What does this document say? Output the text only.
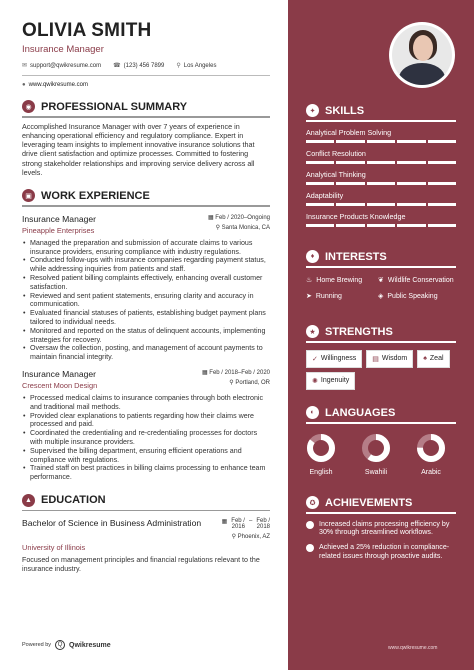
OLIVIA SMITH
Insurance Manager
✉ support@qwikresume.com ☎ (123) 456 7899 ⚲ Los Angeles
● www.qwikresume.com
◉ PROFESSIONAL SUMMARY

Accomplished Insurance Manager with over 7 years of experience in enhancing operational efficiency and regulatory compliance. Expert in leveraging team insights to implement innovative insurance solutions that drive client satisfaction and optimize processes. Committed to fostering strong stakeholder relationships and improving service delivery across all levels.

▣ WORK EXPERIENCE
Insurance Manager
Pineapple Enterprises
▦ Feb / 2020–Ongoing
⚲ Santa Monica, CA
• Managed the preparation and submission of accurate claims to various insurance providers, ensuring compliance with industry regulations.
• Conducted follow-ups with insurance companies regarding payment status, while addressing inquiries from patients and staff.
• Resolved patient billing complaints effectively, enhancing overall customer satisfaction.
• Reviewed and sent patient statements, ensuring clarity and accuracy in communication.
• Evaluated financial statuses of patients, establishing budget payment plans tailored to individual needs.
• Monitored and reported on the status of delinquent accounts, implementing strategies for recovery.
• Oversaw the collection, posting, and management of account payments to maintain financial integrity.
Insurance Manager
Crescent Moon Design
▦ Feb / 2018–Feb / 2020
⚲ Portland, OR
• Processed medical claims to insurance companies through both electronic and traditional mail methods.
• Provided clear explanations to patients regarding how their claims were processed and paid.
• Coordinated the credentialing and re-credentialing processes for doctors with multiple insurance providers.
• Supervised the billing department, ensuring efficient operations and compliance with regulations.
• Trained staff on best practices in billing claims processing to enhance team performance.
▲ EDUCATION
Bachelor of Science in Business Administration	▦ Feb /
2016
– Feb /
2018
⚲ Phoenix, AZ
University of Illinois

Focused on management principles and financial regulations relevant to the insurance industry.

Powered by	Q Qwikresume
✦ SKILLS
Analytical Problem Solving
Conflict Resolution
Analytical Thinking
Adaptability
Insurance Products Knowledge
♦ INTERESTS
♨ Home Brewing ❦ Wildlife Conservation
➤ Running	◈ Public Speaking
★ STRENGTHS
✓ Willingness ▤ Wisdom ♠ Zeal
✺ Ingenuity
◐ LANGUAGES
English	Swahili	Arabic
✪ ACHIEVEMENTS
Increased claims processing efficiency by 30% through streamlined workflows.
Achieved a 25% reduction in compliance-related issues through proactive audits.
www.qwikresume.com
